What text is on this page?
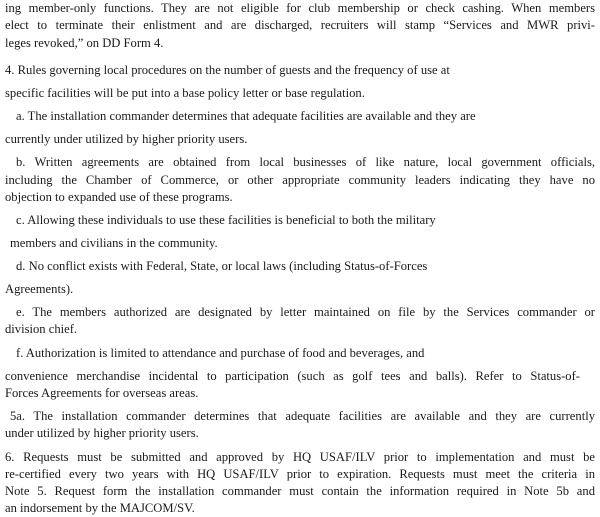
ing member-only functions. They are not eligible for club membership or check cashing. When members
elect to terminate their enlistment and are discharged, recruiters will stamp “Services and MWR privi-
leges revoked,” on DD Form 4.
4. Rules governing local procedures on the number of guests and the frequency of use at
specific facilities will be put into a base policy letter or base regulation.
a. The installation commander determines that adequate facilities are available and they are
currently under utilized by higher priority users.
b. Written agreements are obtained from local businesses of like nature, local government officials,
including the Chamber of Commerce, or other appropriate community leaders indicating they have no
objection to expanded use of these programs.
c. Allowing these individuals to use these facilities is beneficial to both the military
members and civilians in the community.
d. No conflict exists with Federal, State, or local laws (including Status-of-Forces
Agreements).
e. The members authorized are designated by letter maintained on file by the Services commander or
division chief.
f. Authorization is limited to attendance and purchase of food and beverages, and
convenience merchandise incidental to participation (such as golf tees and balls). Refer to Status-of-
Forces Agreements for overseas areas.
5a. The installation commander determines that adequate facilities are available and they are currently
under utilized by higher priority users.
6. Requests must be submitted and approved by HQ USAF/ILV prior to implementation and must be
re-certified every two years with HQ USAF/ILV prior to expiration. Requests must meet the criteria in
Note 5. Request form the installation commander must contain the information required in Note 5b and
an indorsement by the MAJCOM/SV.
